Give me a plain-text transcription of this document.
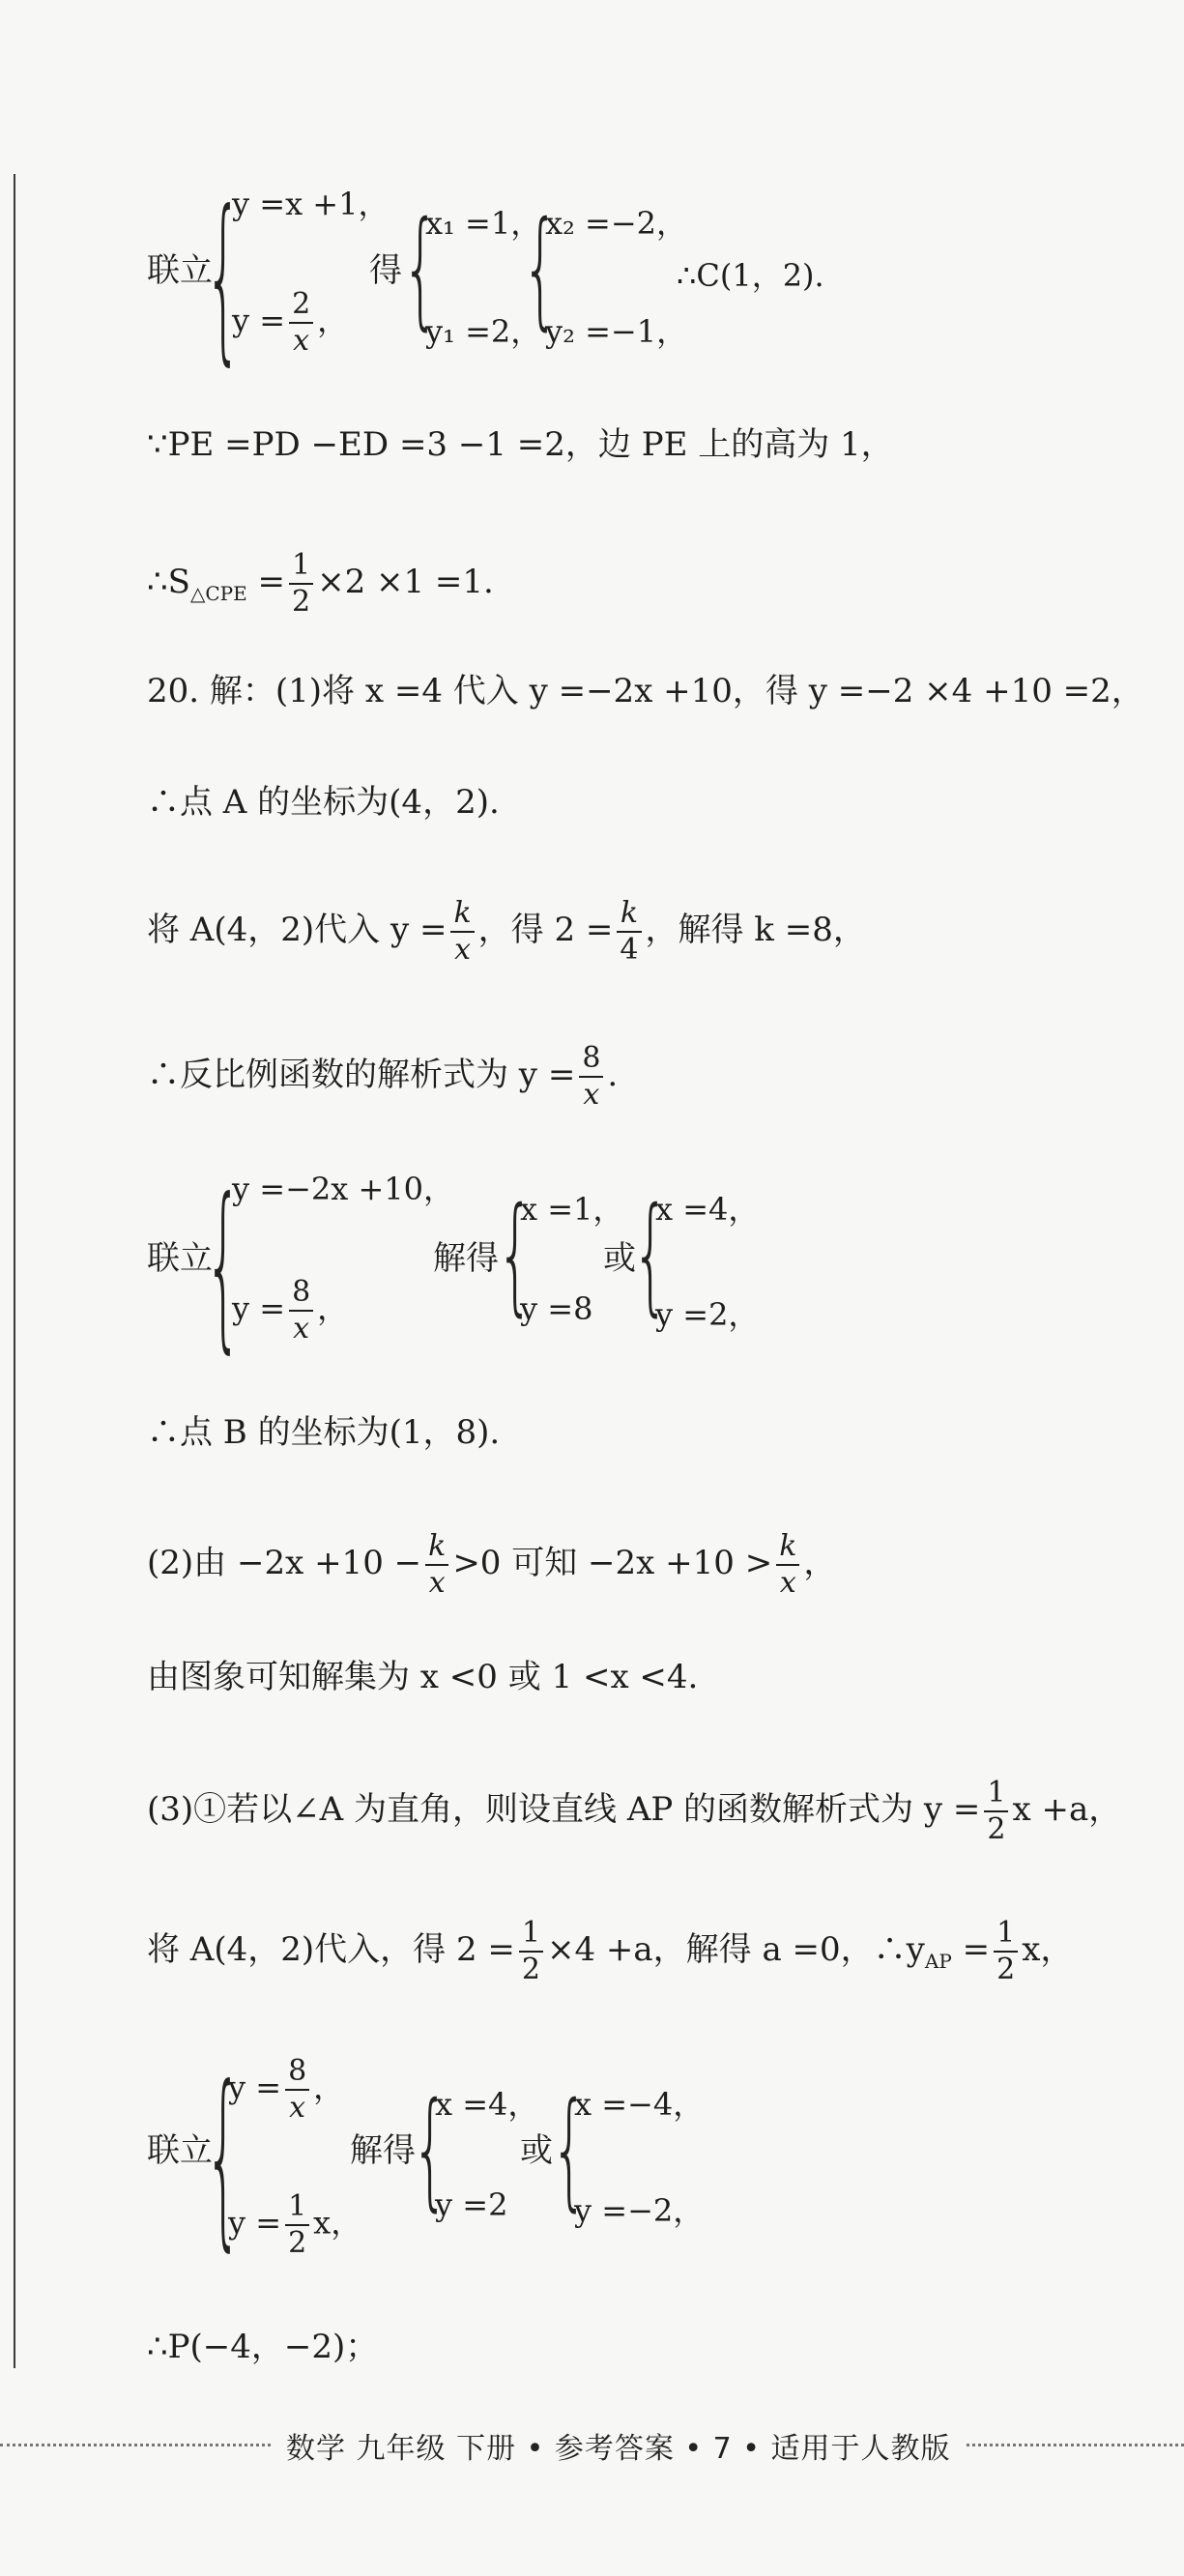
联立
{
y =x +1，
$y = \frac{2}{x}$ ，
得 {
x₁ =1，
y₁ =2，
{
x₂ =−2，
y₂ =−1，
∴C(1，2).
∵PE =PD −ED =3 −1 =2，边 PE 上的高为 1，
$\therefore S_{\triangle CPE} = \frac{1}{2} \times 2 \times 1 =1$.
20. 解：(1)将 x =4 代入 y =−2x +10，得 y =−2 ×4 +10 =2，
∴点 A 的坐标为(4，2).
将 A(4，2)代入 $y = \frac{k}{x}$ ，得 $2 = \frac{k}{4}$ ，解得 k =8，
∴反比例函数的解析式为 $y = \frac{8}{x}$ .
联立
{
y =−2x +10，
$y = \frac{8}{x}$ ，
解得
{
x =1，
y =8
或
{
x =4，
y =2，
∴点 B 的坐标为(1，8).
(2)由 $-2x +10 - \frac{k}{x} >0$ 可知 $-2x +10 > \frac{k}{x}$ ，
由图象可知解集为 x <0 或 1 <x <4.
(3)①若以∠A 为直角，则设直线 AP 的函数解析式为 $y = \frac{1}{2}$ x +a，
将 A(4，2)代入，得 $2 = \frac{1}{2} \times 4 +a$，解得 a =0，$\therefore y_{AP} = \frac{1}{2}$ x，
联立
{
$y = \frac{8}{x}$ ，
$y = \frac{1}{2}$ x，
解得
{
x =4，
y =2
或
{
x =−4，
y =−2，
∴P(−4，−2)；
数学 九年级 下册 • 参考答案 • 7 • 适用于人教版
